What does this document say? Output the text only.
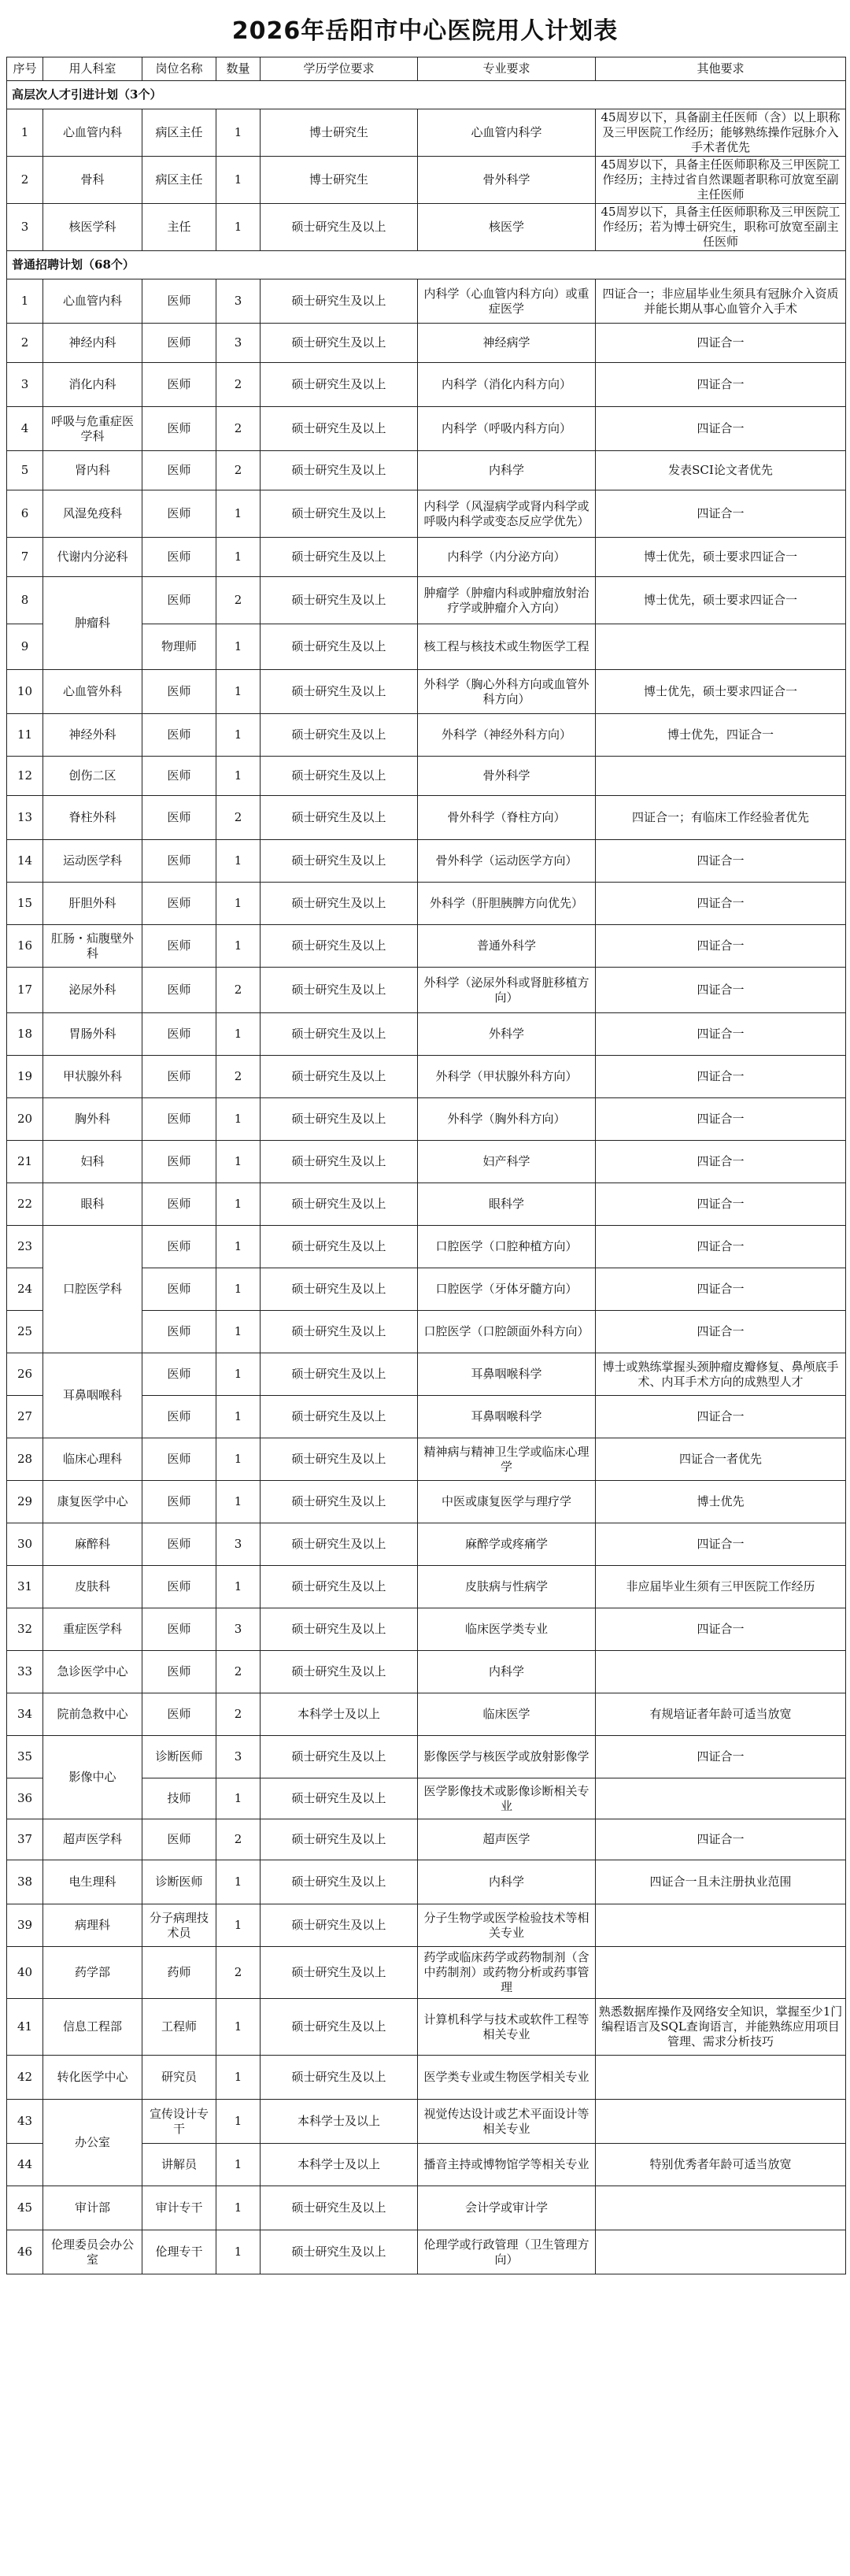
2026年岳阳市中心医院用人计划表
序号	用人科室	岗位名称	数量	学历学位要求	专业要求	其他要求
高层次人才引进计划（3个）						
1	心血管内科	病区主任	1	博士研究生	心血管内科学	45周岁以下，具备副主任医师（含）以上职称及三甲医院工作经历；能够熟练操作冠脉介入手术者优先
2	骨科	病区主任	1	博士研究生	骨外科学	45周岁以下，具备主任医师职称及三甲医院工作经历；主持过省自然课题者职称可放宽至副主任医师
3	核医学科	主任	1	硕士研究生及以上	核医学	45周岁以下，具备主任医师职称及三甲医院工作经历；若为博士研究生，职称可放宽至副主任医师
普通招聘计划（68个）						
1	心血管内科	医师	3	硕士研究生及以上	内科学（心血管内科方向）或重症医学	四证合一；非应届毕业生须具有冠脉介入资质并能长期从事心血管介入手术
2	神经内科	医师	3	硕士研究生及以上	神经病学	四证合一
3	消化内科	医师	2	硕士研究生及以上	内科学（消化内科方向）	四证合一
4	呼吸与危重症医学科	医师	2	硕士研究生及以上	内科学（呼吸内科方向）	四证合一
5	肾内科	医师	2	硕士研究生及以上	内科学	发表SCI论文者优先
6	风湿免疫科	医师	1	硕士研究生及以上	内科学（风湿病学或肾内科学或呼吸内科学或变态反应学优先）	四证合一
7	代谢内分泌科	医师	1	硕士研究生及以上	内科学（内分泌方向）	博士优先，硕士要求四证合一
8	肿瘤科	医师	2	硕士研究生及以上	肿瘤学（肿瘤内科或肿瘤放射治疗学或肿瘤介入方向）	博士优先，硕士要求四证合一
9		物理师	1	硕士研究生及以上	核工程与核技术或生物医学工程	
10	心血管外科	医师	1	硕士研究生及以上	外科学（胸心外科方向或血管外科方向）	博士优先，硕士要求四证合一
11	神经外科	医师	1	硕士研究生及以上	外科学（神经外科方向）	博士优先，四证合一
12	创伤二区	医师	1	硕士研究生及以上	骨外科学	
13	脊柱外科	医师	2	硕士研究生及以上	骨外科学（脊柱方向）	四证合一；有临床工作经验者优先
14	运动医学科	医师	1	硕士研究生及以上	骨外科学（运动医学方向）	四证合一
15	肝胆外科	医师	1	硕士研究生及以上	外科学（肝胆胰脾方向优先）	四证合一
16	肛肠・疝腹壁外科	医师	1	硕士研究生及以上	普通外科学	四证合一
17	泌尿外科	医师	2	硕士研究生及以上	外科学（泌尿外科或肾脏移植方向）	四证合一
18	胃肠外科	医师	1	硕士研究生及以上	外科学	四证合一
19	甲状腺外科	医师	2	硕士研究生及以上	外科学（甲状腺外科方向）	四证合一
20	胸外科	医师	1	硕士研究生及以上	外科学（胸外科方向）	四证合一
21	妇科	医师	1	硕士研究生及以上	妇产科学	四证合一
22	眼科	医师	1	硕士研究生及以上	眼科学	四证合一
23	口腔医学科	医师	1	硕士研究生及以上	口腔医学（口腔种植方向）	四证合一
24		医师	1	硕士研究生及以上	口腔医学（牙体牙髓方向）	四证合一
25		医师	1	硕士研究生及以上	口腔医学（口腔颌面外科方向）	四证合一
26	耳鼻咽喉科	医师	1	硕士研究生及以上	耳鼻咽喉科学	博士或熟练掌握头颈肿瘤皮瓣修复、鼻颅底手术、内耳手术方向的成熟型人才
27		医师	1	硕士研究生及以上	耳鼻咽喉科学	四证合一
28	临床心理科	医师	1	硕士研究生及以上	精神病与精神卫生学或临床心理学	四证合一者优先
29	康复医学中心	医师	1	硕士研究生及以上	中医或康复医学与理疗学	博士优先
30	麻醉科	医师	3	硕士研究生及以上	麻醉学或疼痛学	四证合一
31	皮肤科	医师	1	硕士研究生及以上	皮肤病与性病学	非应届毕业生须有三甲医院工作经历
32	重症医学科	医师	3	硕士研究生及以上	临床医学类专业	四证合一
33	急诊医学中心	医师	2	硕士研究生及以上	内科学	
34	院前急救中心	医师	2	本科学士及以上	临床医学	有规培证者年龄可适当放宽
35	影像中心	诊断医师	3	硕士研究生及以上	影像医学与核医学或放射影像学	四证合一
36		技师	1	硕士研究生及以上	医学影像技术或影像诊断相关专业	
37	超声医学科	医师	2	硕士研究生及以上	超声医学	四证合一
38	电生理科	诊断医师	1	硕士研究生及以上	内科学	四证合一且未注册执业范围
39	病理科	分子病理技术员	1	硕士研究生及以上	分子生物学或医学检验技术等相关专业	
40	药学部	药师	2	硕士研究生及以上	药学或临床药学或药物制剂（含中药制剂）或药物分析或药事管理	
41	信息工程部	工程师	1	硕士研究生及以上	计算机科学与技术或软件工程等相关专业	熟悉数据库操作及网络安全知识，掌握至少1门编程语言及SQL查询语言，并能熟练应用项目管理、需求分析技巧
42	转化医学中心	研究员	1	硕士研究生及以上	医学类专业或生物医学相关专业	
43	办公室	宣传设计专干	1	本科学士及以上	视觉传达设计或艺术平面设计等相关专业	
44		讲解员	1	本科学士及以上	播音主持或博物馆学等相关专业	特别优秀者年龄可适当放宽
45	审计部	审计专干	1	硕士研究生及以上	会计学或审计学	
46	伦理委员会办公室	伦理专干	1	硕士研究生及以上	伦理学或行政管理（卫生管理方向）	
